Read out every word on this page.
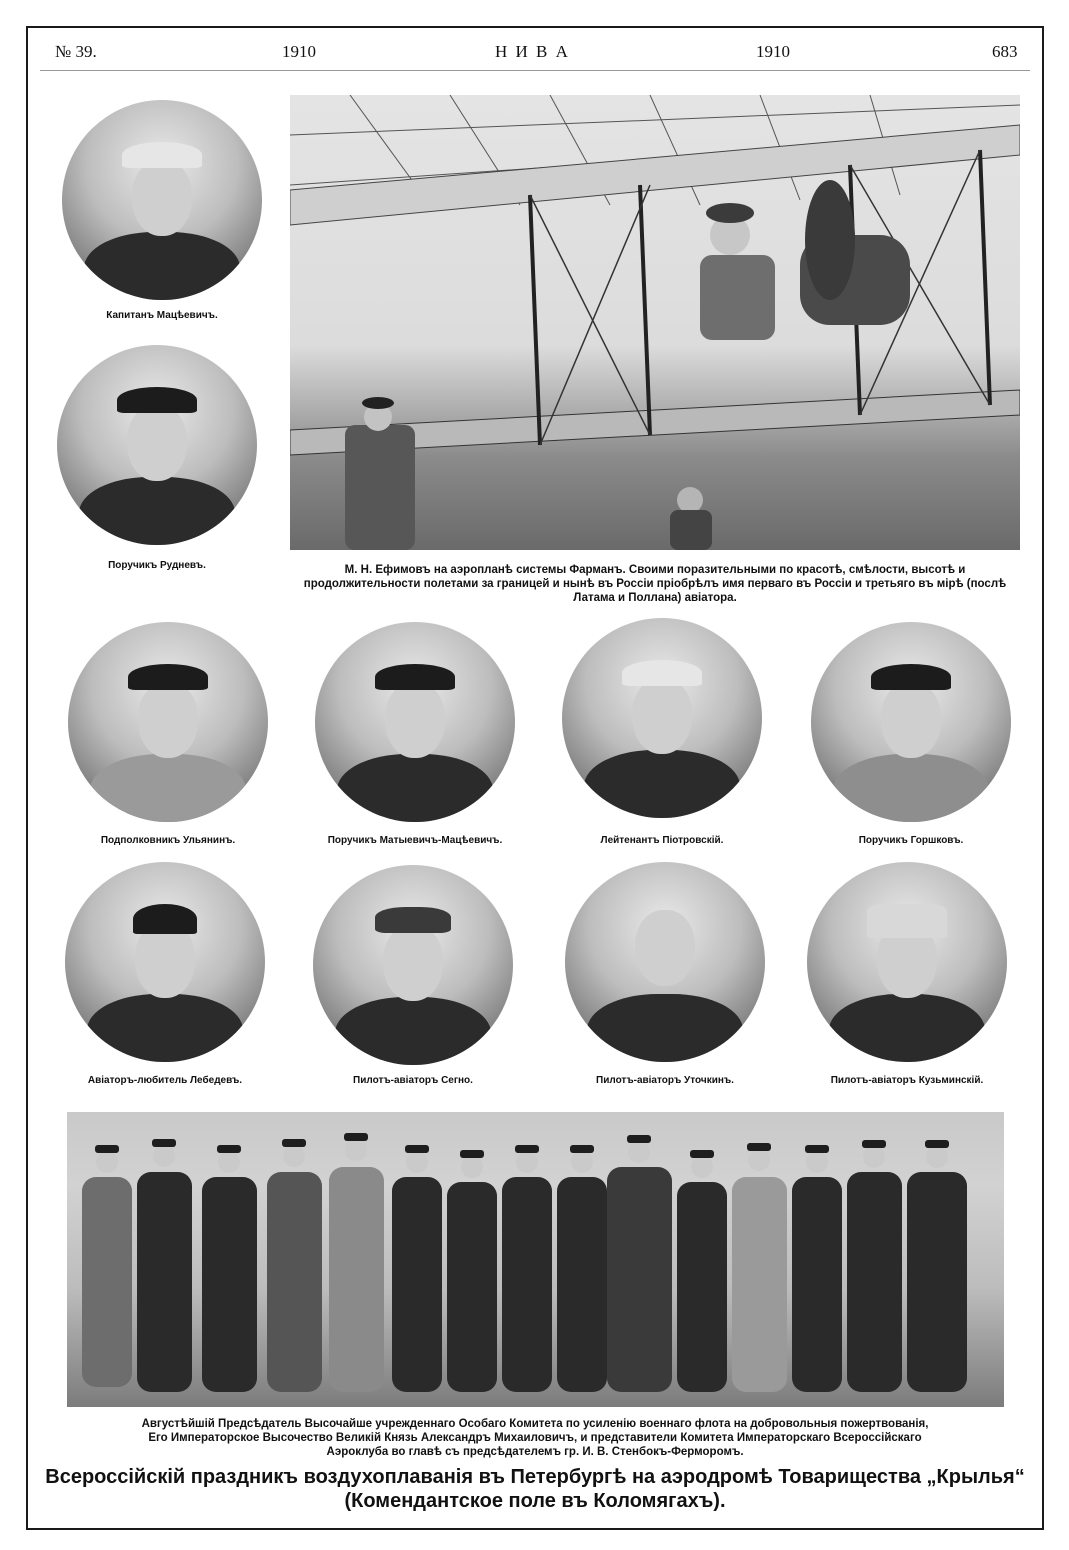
№ 39.	1910	Н И В А	1910	683
Капитанъ Мацѣевичъ.
Поручикъ Рудневъ.	М. Н. Ефимовъ на аэропланѣ системы Фарманъ. Своими поразительными по красотѣ, смѣлости, высотѣ и продолжительности полетами за границей и нынѣ въ Россіи пріобрѣлъ имя перваго въ Россіи и третьяго въ мірѣ (послѣ Латама и Поллана) авіатора.
Подполковникъ Ульянинъ.	Поручикъ Матыевичъ-Мацѣевичъ.	Лейтенантъ Піотровскій.	Поручикъ Горшковъ.
Авіаторъ-любитель Лебедевъ.	Пилотъ-авіаторъ Сегно.	Пилотъ-авіаторъ Уточкинъ.	Пилотъ-авіаторъ Кузьминскій.
Августѣйшій Предсѣдатель Высочайше учрежденнаго Особаго Комитета по усиленію военнаго флота на добровольныя пожертвованія,
Его Императорское Высочество Великій Князь Александръ Михаиловичъ, и представители Комитета Императорскаго Всероссійскаго
Аэроклуба во главѣ съ предсѣдателемъ гр. И. В. Стенбокъ-Ферморомъ.
Всероссійскій праздникъ воздухоплаванія въ Петербургѣ на аэродромѣ Товарищества „Крылья“
(Комендантское поле въ Коломягахъ).
